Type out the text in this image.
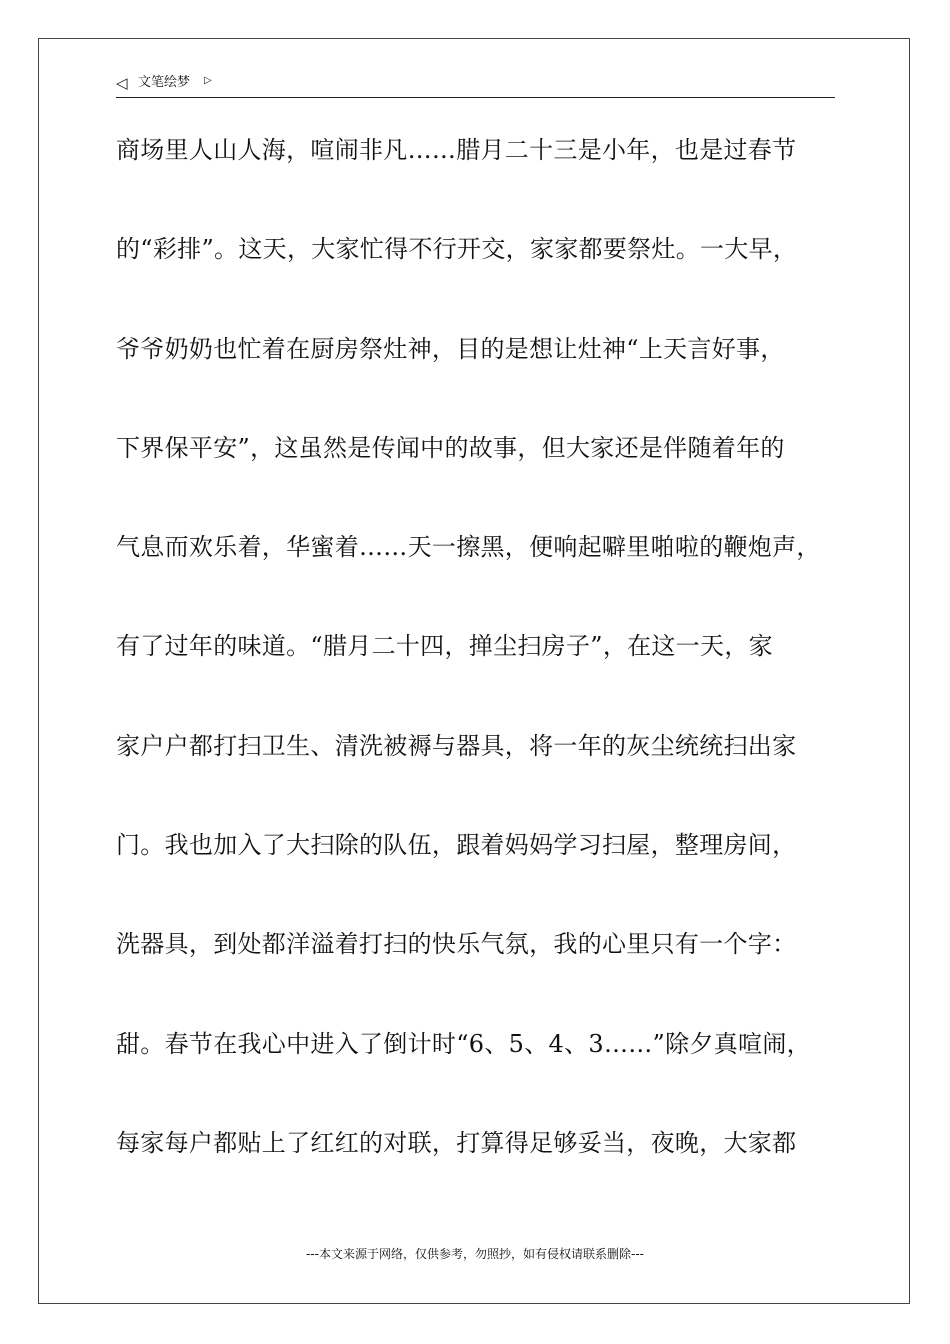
◁ 文笔绘梦 ▷
商场里人山人海，喧闹非凡……腊月二十三是小年，也是过春节
的“彩排”。这天，大家忙得不行开交，家家都要祭灶。一大早，
爷爷奶奶也忙着在厨房祭灶神，目的是想让灶神“上天言好事，
下界保平安”，这虽然是传闻中的故事，但大家还是伴随着年的
气息而欢乐着，华蜜着……天一擦黑，便响起噼里啪啦的鞭炮声，
有了过年的味道。“腊月二十四，掸尘扫房子”，在这一天，家
家户户都打扫卫生、清洗被褥与器具，将一年的灰尘统统扫出家
门。我也加入了大扫除的队伍，跟着妈妈学习扫屋，整理房间，
洗器具，到处都洋溢着打扫的快乐气氛，我的心里只有一个字：
甜。春节在我心中进入了倒计时“6、5、4、3……”除夕真喧闹，
每家每户都贴上了红红的对联，打算得足够妥当，夜晚，大家都
---本文来源于网络，仅供参考，勿照抄，如有侵权请联系删除---
